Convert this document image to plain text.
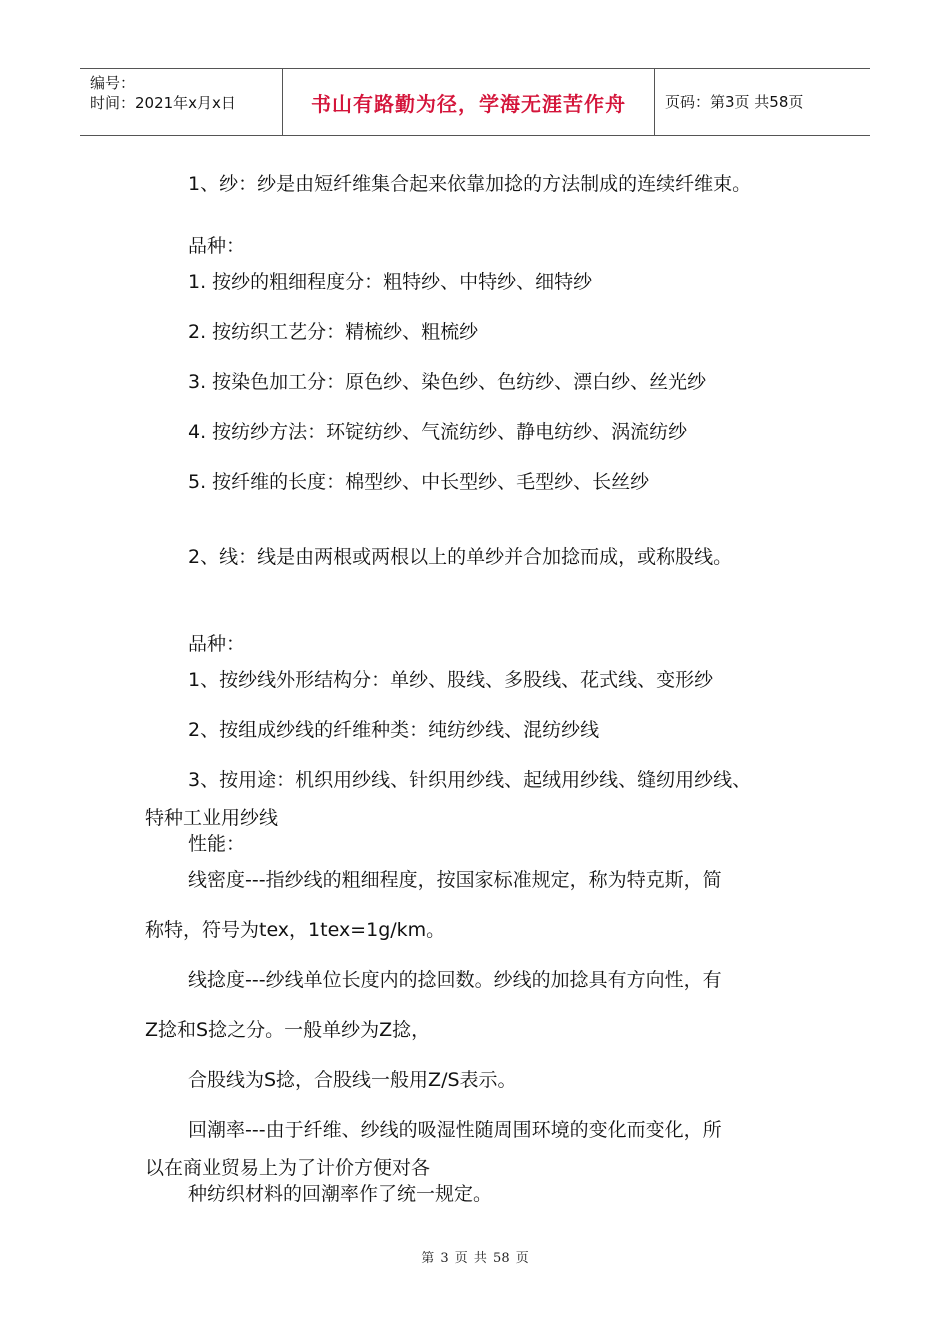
编号：
时间：2021年x月x日	书山有路勤为径，学海无涯苦作舟	页码：第3页 共58页
1、纱：纱是由短纤维集合起来依靠加捻的方法制成的连续纤维束。
品种：
1. 按纱的粗细程度分：粗特纱、中特纱、细特纱
2. 按纺织工艺分：精梳纱、粗梳纱
3. 按染色加工分：原色纱、染色纱、色纺纱、漂白纱、丝光纱
4. 按纺纱方法：环锭纺纱、气流纺纱、静电纺纱、涡流纺纱
5. 按纤维的长度：棉型纱、中长型纱、毛型纱、长丝纱
2、线：线是由两根或两根以上的单纱并合加捻而成，或称股线。
品种：
1、按纱线外形结构分：单纱、股线、多股线、花式线、变形纱
2、按组成纱线的纤维种类：纯纺纱线、混纺纱线
3、按用途：机织用纱线、针织用纱线、起绒用纱线、缝纫用纱线、
特种工业用纱线
性能：
线密度---指纱线的粗细程度，按国家标准规定，称为特克斯，简
称特，符号为tex，1tex=1g/km。
线捻度---纱线单位长度内的捻回数。纱线的加捻具有方向性，有
Z捻和S捻之分。一般单纱为Z捻，
合股线为S捻，合股线一般用Z/S表示。
回潮率---由于纤维、纱线的吸湿性随周围环境的变化而变化，所
以在商业贸易上为了计价方便对各
种纺织材料的回潮率作了统一规定。
第 3 页 共 58 页
